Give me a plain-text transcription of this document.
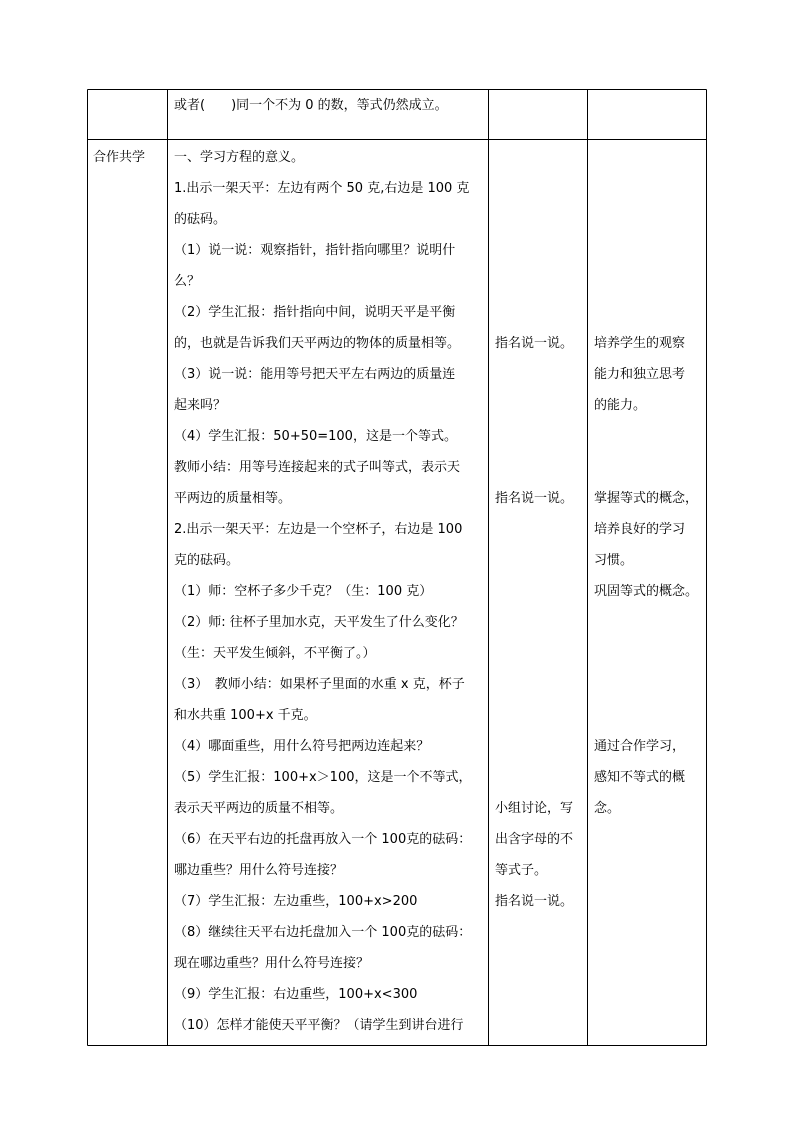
或者(　　)同一个不为 0 的数，等式仍然成立。
合作共学	一、学习方程的意义。
1.出示一架天平：左边有两个 50 克,右边是 100 克
的砝码。
（1）说一说：观察指针，指针指向哪里？说明什
么？
（2）学生汇报：指针指向中间，说明天平是平衡
的，也就是告诉我们天平两边的物体的质量相等。
（3）说一说：能用等号把天平左右两边的质量连
起来吗？
（4）学生汇报：50+50=100，这是一个等式。
教师小结：用等号连接起来的式子叫等式，表示天
平两边的质量相等。
2.出示一架天平：左边是一个空杯子，右边是 100
克的砝码。
（1）师：空杯子多少千克？（生：100 克）
（2）师: 往杯子里加水克，天平发生了什么变化？
（生：天平发生倾斜，不平衡了。）
（3）　教师小结：如果杯子里面的水重 x 克，杯子
和水共重 100+x 千克。
（4）哪面重些，用什么符号把两边连起来？
（5）学生汇报：100+x＞100，这是一个不等式，
表示天平两边的质量不相等。
（6）在天平右边的托盘再放入一个 100克的砝码：
哪边重些？用什么符号连接？
（7）学生汇报：左边重些，100+x>200
（8）继续往天平右边托盘加入一个 100克的砝码：
现在哪边重些？用什么符号连接？
（9）学生汇报：右边重些，100+x<300
（10）怎样才能使天平平衡？（请学生到讲台进行
指名说一说。
指名说一说。
小组讨论，写
出含字母的不
等式子。
指名说一说。
培养学生的观察
能力和独立思考
的能力。
掌握等式的概念，
培养良好的学习
习惯。
巩固等式的概念。
通过合作学习，
感知不等式的概
念。
